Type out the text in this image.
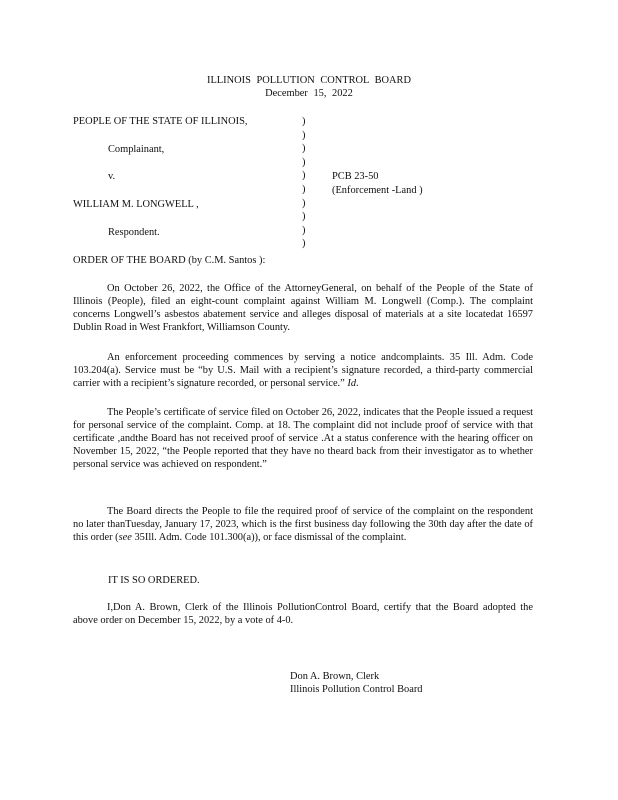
ILLINOIS POLLUTION CONTROL BOARD
December 15, 2022
PEOPLE OF THE STATE OF ILLINOIS,
Complainant,
v.
WILLIAM M. LONGWELL ,
Respondent.
)
)
)
)
)
)
)
)
)
)
PCB 23-50
(Enforcement -Land )
ORDER OF THE BOARD (by C.M. Santos ):
On October 26, 2022, the Office of the AttorneyGeneral, on behalf of the People of the State of Illinois (People), filed an eight-count complaint against William M. Longwell (Comp.). The complaint concerns Longwell’s asbestos abatement service and alleges disposal of materials at a site locatedat 16597 Dublin Road in West Frankfort, Williamson County.
An enforcement proceeding commences by serving a notice andcomplaints. 35 Ill. Adm. Code 103.204(a). Service must be “by U.S. Mail with a recipient’s signature recorded, a third-party commercial carrier with a recipient’s signature recorded, or personal service.” Id.
The People’s certificate of service filed on October 26, 2022, indicates that the People issued a request for personal service of the complaint. Comp. at 18. The complaint did not include proof of service with that certificate ,andthe Board has not received proof of service .At a status conference with the hearing officer on November 15, 2022, “the People reported that they have no theard back from their investigator as to whether personal service was achieved on respondent.”
The Board directs the People to file the required proof of service of the complaint on the respondent no later thanTuesday, January 17, 2023, which is the first business day following the 30th day after the date of this order (see 35Ill. Adm. Code 101.300(a)), or face dismissal of the complaint.
IT IS SO ORDERED.
I,Don A. Brown, Clerk of the Illinois PollutionControl Board, certify that the Board adopted the above order on December 15, 2022, by a vote of 4-0.
Don A. Brown, Clerk
Illinois Pollution Control Board
